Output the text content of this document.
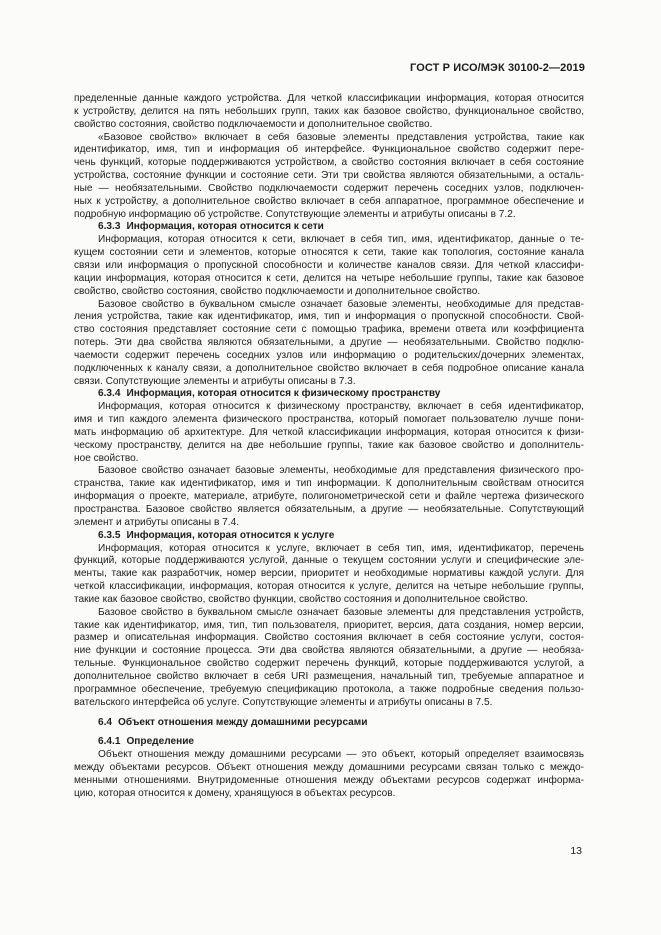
ГОСТ Р ИСО/МЭК 30100-2—2019
пределенные данные каждого устройства. Для четкой классификации информация, которая относится
к устройству, делится на пять небольших групп, таких как базовое свойство, функциональное свойство,
свойство состояния, свойство подключаемости и дополнительное свойство.
«Базовое свойство» включает в себя базовые элементы представления устройства, такие как
идентификатор, имя, тип и информация об интерфейсе. Функциональное свойство содержит пере-
чень функций, которые поддерживаются устройством, а свойство состояния включает в себя состояние
устройства, состояние функции и состояние сети. Эти три свойства являются обязательными, а осталь-
ные — необязательными. Свойство подключаемости содержит перечень соседних узлов, подключен-
ных к устройству, а дополнительное свойство включает в себя аппаратное, программное обеспечение и
подробную информацию об устройстве. Сопутствующие элементы и атрибуты описаны в 7.2.
6.3.3 Информация, которая относится к сети
Информация, которая относится к сети, включает в себя тип, имя, идентификатор, данные о те-
кущем состоянии сети и элементов, которые относятся к сети, такие как топология, состояние канала
связи или информация о пропускной способности и количестве каналов связи. Для четкой классифи-
кации информация, которая относится к сети, делится на четыре небольшие группы, такие как базовое
свойство, свойство состояния, свойство подключаемости и дополнительное свойство.
Базовое свойство в буквальном смысле означает базовые элементы, необходимые для представ-
ления устройства, такие как идентификатор, имя, тип и информация о пропускной способности. Свой-
ство состояния представляет состояние сети с помощью трафика, времени ответа или коэффициента
потерь. Эти два свойства являются обязательными, а другие — необязательными. Свойство подклю-
чаемости содержит перечень соседних узлов или информацию о родительских/дочерних элементах,
подключенных к каналу связи, а дополнительное свойство включает в себя подробное описание канала
связи. Сопутствующие элементы и атрибуты описаны в 7.3.
6.3.4 Информация, которая относится к физическому пространству
Информация, которая относится к физическому пространству, включает в себя идентификатор,
имя и тип каждого элемента физического пространства, который помогает пользователю лучше пони-
мать информацию об архитектуре. Для четкой классификации информация, которая относится к физи-
ческому пространству, делится на две небольшие группы, такие как базовое свойство и дополнитель-
ное свойство.
Базовое свойство означает базовые элементы, необходимые для представления физического про-
странства, такие как идентификатор, имя и тип информации. К дополнительным свойствам относится
информация о проекте, материале, атрибуте, полигонометрической сети и файле чертежа физического
пространства. Базовое свойство является обязательным, а другие — необязательные. Сопутствующий
элемент и атрибуты описаны в 7.4.
6.3.5 Информация, которая относится к услуге
Информация, которая относится к услуге, включает в себя тип, имя, идентификатор, перечень
функций, которые поддерживаются услугой, данные о текущем состоянии услуги и специфические эле-
менты, такие как разработчик, номер версии, приоритет и необходимые нормативы каждой услуги. Для
четкой классификации, информация, которая относится к услуге, делится на четыре небольшие группы,
такие как базовое свойство, свойство функции, свойство состояния и дополнительное свойство.
Базовое свойство в буквальном смысле означает базовые элементы для представления устройств,
такие как идентификатор, имя, тип, тип пользователя, приоритет, версия, дата создания, номер версии,
размер и описательная информация. Свойство состояния включает в себя состояние услуги, состоя-
ние функции и состояние процесса. Эти два свойства являются обязательными, а другие — необяза-
тельные. Функциональное свойство содержит перечень функций, которые поддерживаются услугой, а
дополнительное свойство включает в себя URI размещения, начальный тип, требуемые аппаратное и
программное обеспечение, требуемую спецификацию протокола, а также подробные сведения пользо-
вательского интерфейса об услуге. Сопутствующие элементы и атрибуты описаны в 7.5.
6.4 Объект отношения между домашними ресурсами
6.4.1 Определение
Объект отношения между домашними ресурсами — это объект, который определяет взаимосвязь
между объектами ресурсов. Объект отношения между домашними ресурсами связан только с междо-
менными отношениями. Внутридоменные отношения между объектами ресурсов содержат информа-
цию, которая относится к домену, хранящуюся в объектах ресурсов.
13
